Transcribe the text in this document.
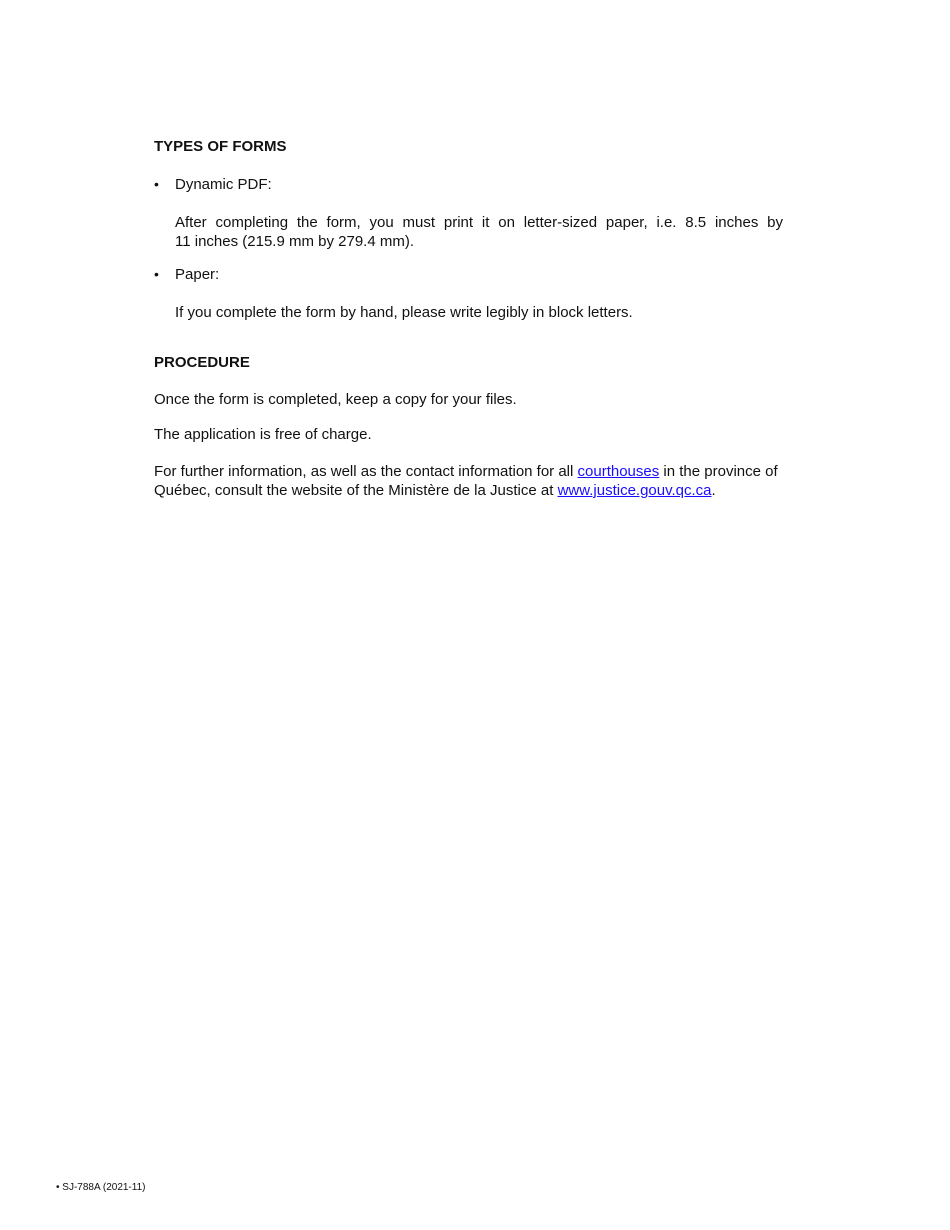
TYPES OF FORMS
• Dynamic PDF:
After completing the form, you must print it on letter-sized paper, i.e. 8.5 inches by
11 inches (215.9 mm by 279.4 mm).
• Paper:
If you complete the form by hand, please write legibly in block letters.
PROCEDURE
Once the form is completed, keep a copy for your files.
The application is free of charge.
For further information, as well as the contact information for all courthouses in the province of
Québec, consult the website of the Ministère de la Justice at www.justice.gouv.qc.ca.
• SJ-788A (2021-11)
